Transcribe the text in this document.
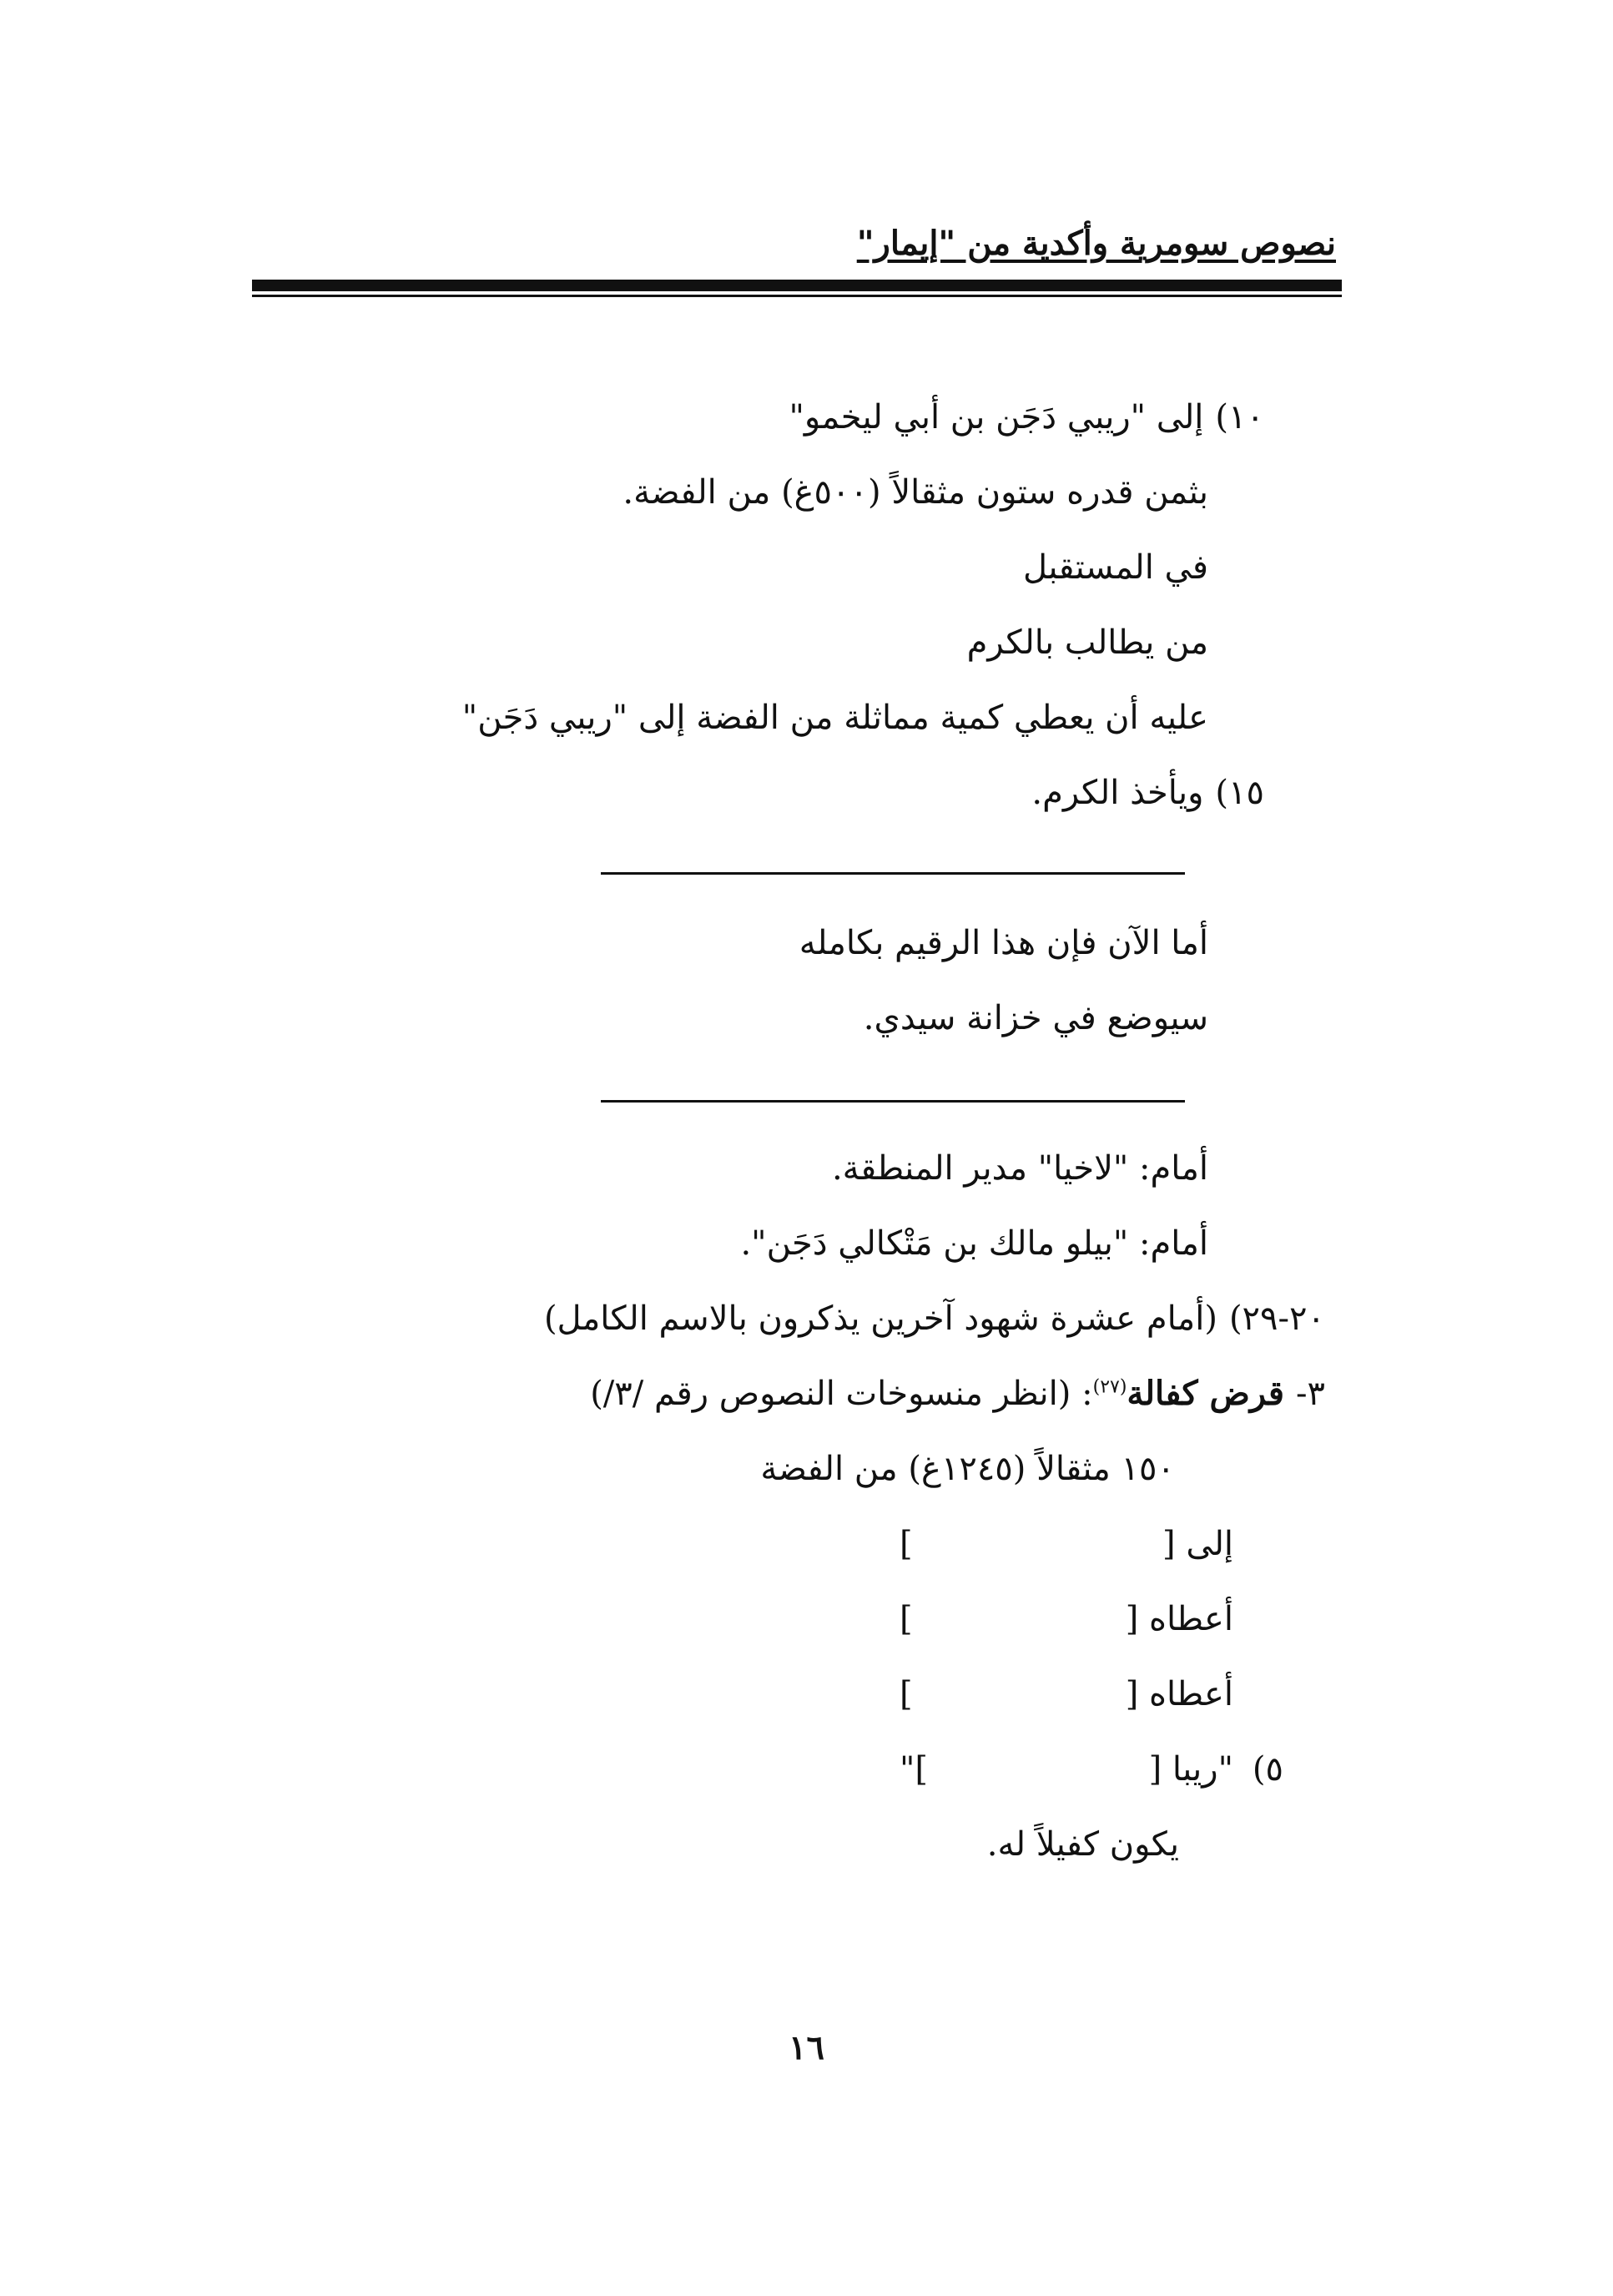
نصوص سومرية وأكدية من "إيمار"
١٠)إلى "ريبي دَجَن بن أبي ليخمو"
بثمن قدره ستون مثقالاً (٥٠٠غ) من الفضة.
في المستقبل
من يطالب بالكرم
عليه أن يعطي كمية مماثلة من الفضة إلى "ريبي دَجَن"
١٥)ويأخذ الكرم.
أما الآن فإن هذا الرقيم بكامله
سيوضع في خزانة سيدي.
أمام: "لاخيا" مدير المنطقة.
أمام: "بيلو مالك بن مَتْكالي دَجَن".
٢٠-٢٩)(أمام عشرة شهود آخرين يذكرون بالاسم الكامل)
٣-قرض كفالة$^{(٢٧)}$: (انظر منسوخات النصوص رقم /٣/)
١٥٠ مثقالاً (١٢٤٥غ) من الفضة
إلى [
]
أعطاه [
]
أعطاه [
]
٥)
"ريبا [
]"
يكون كفيلاً له.
١٦
